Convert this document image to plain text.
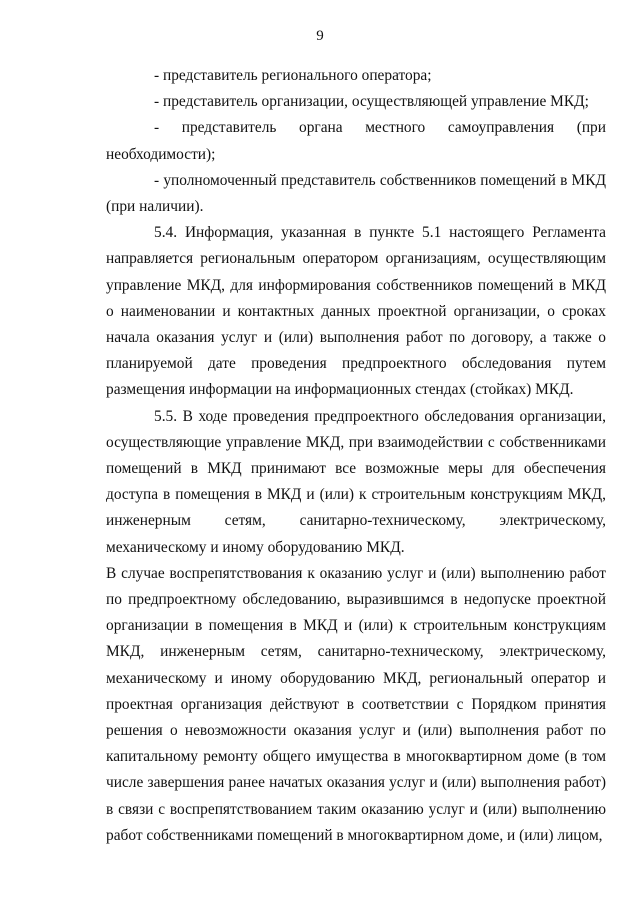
9

- представитель регионального оператора;

- представитель организации, осуществляющей управление МКД;

- представитель органа местного самоуправления (при необходимости);

- уполномоченный представитель собственников помещений в МКД (при наличии).

5.4. Информация, указанная в пункте 5.1 настоящего Регламента направляется региональным оператором организациям, осуществляющим управление МКД, для информирования собственников помещений в МКД о наименовании и контактных данных проектной организации, о сроках начала оказания услуг и (или) выполнения работ по договору, а также о планируемой дате проведения предпроектного обследования путем размещения информации на информационных стендах (стойках) МКД.

5.5. В ходе проведения предпроектного обследования организации, осуществляющие управление МКД, при взаимодействии с собственниками помещений в МКД принимают все возможные меры для обеспечения доступа в помещения в МКД и (или) к строительным конструкциям МКД, инженерным сетям, санитарно-техническому, электрическому, механическому и иному оборудованию МКД.

В случае воспрепятствования к оказанию услуг и (или) выполнению работ по предпроектному обследованию, выразившимся в недопуске проектной организации в помещения в МКД и (или) к строительным конструкциям МКД, инженерным сетям, санитарно-техническому, электрическому, механическому и иному оборудованию МКД, региональный оператор и проектная организация действуют в соответствии с Порядком принятия решения о невозможности оказания услуг и (или) выполнения работ по капитальному ремонту общего имущества в многоквартирном доме (в том числе завершения ранее начатых оказания услуг и (или) выполнения работ) в связи с воспрепятствованием таким оказанию услуг и (или) выполнению работ собственниками помещений в многоквартирном доме, и (или) лицом,
